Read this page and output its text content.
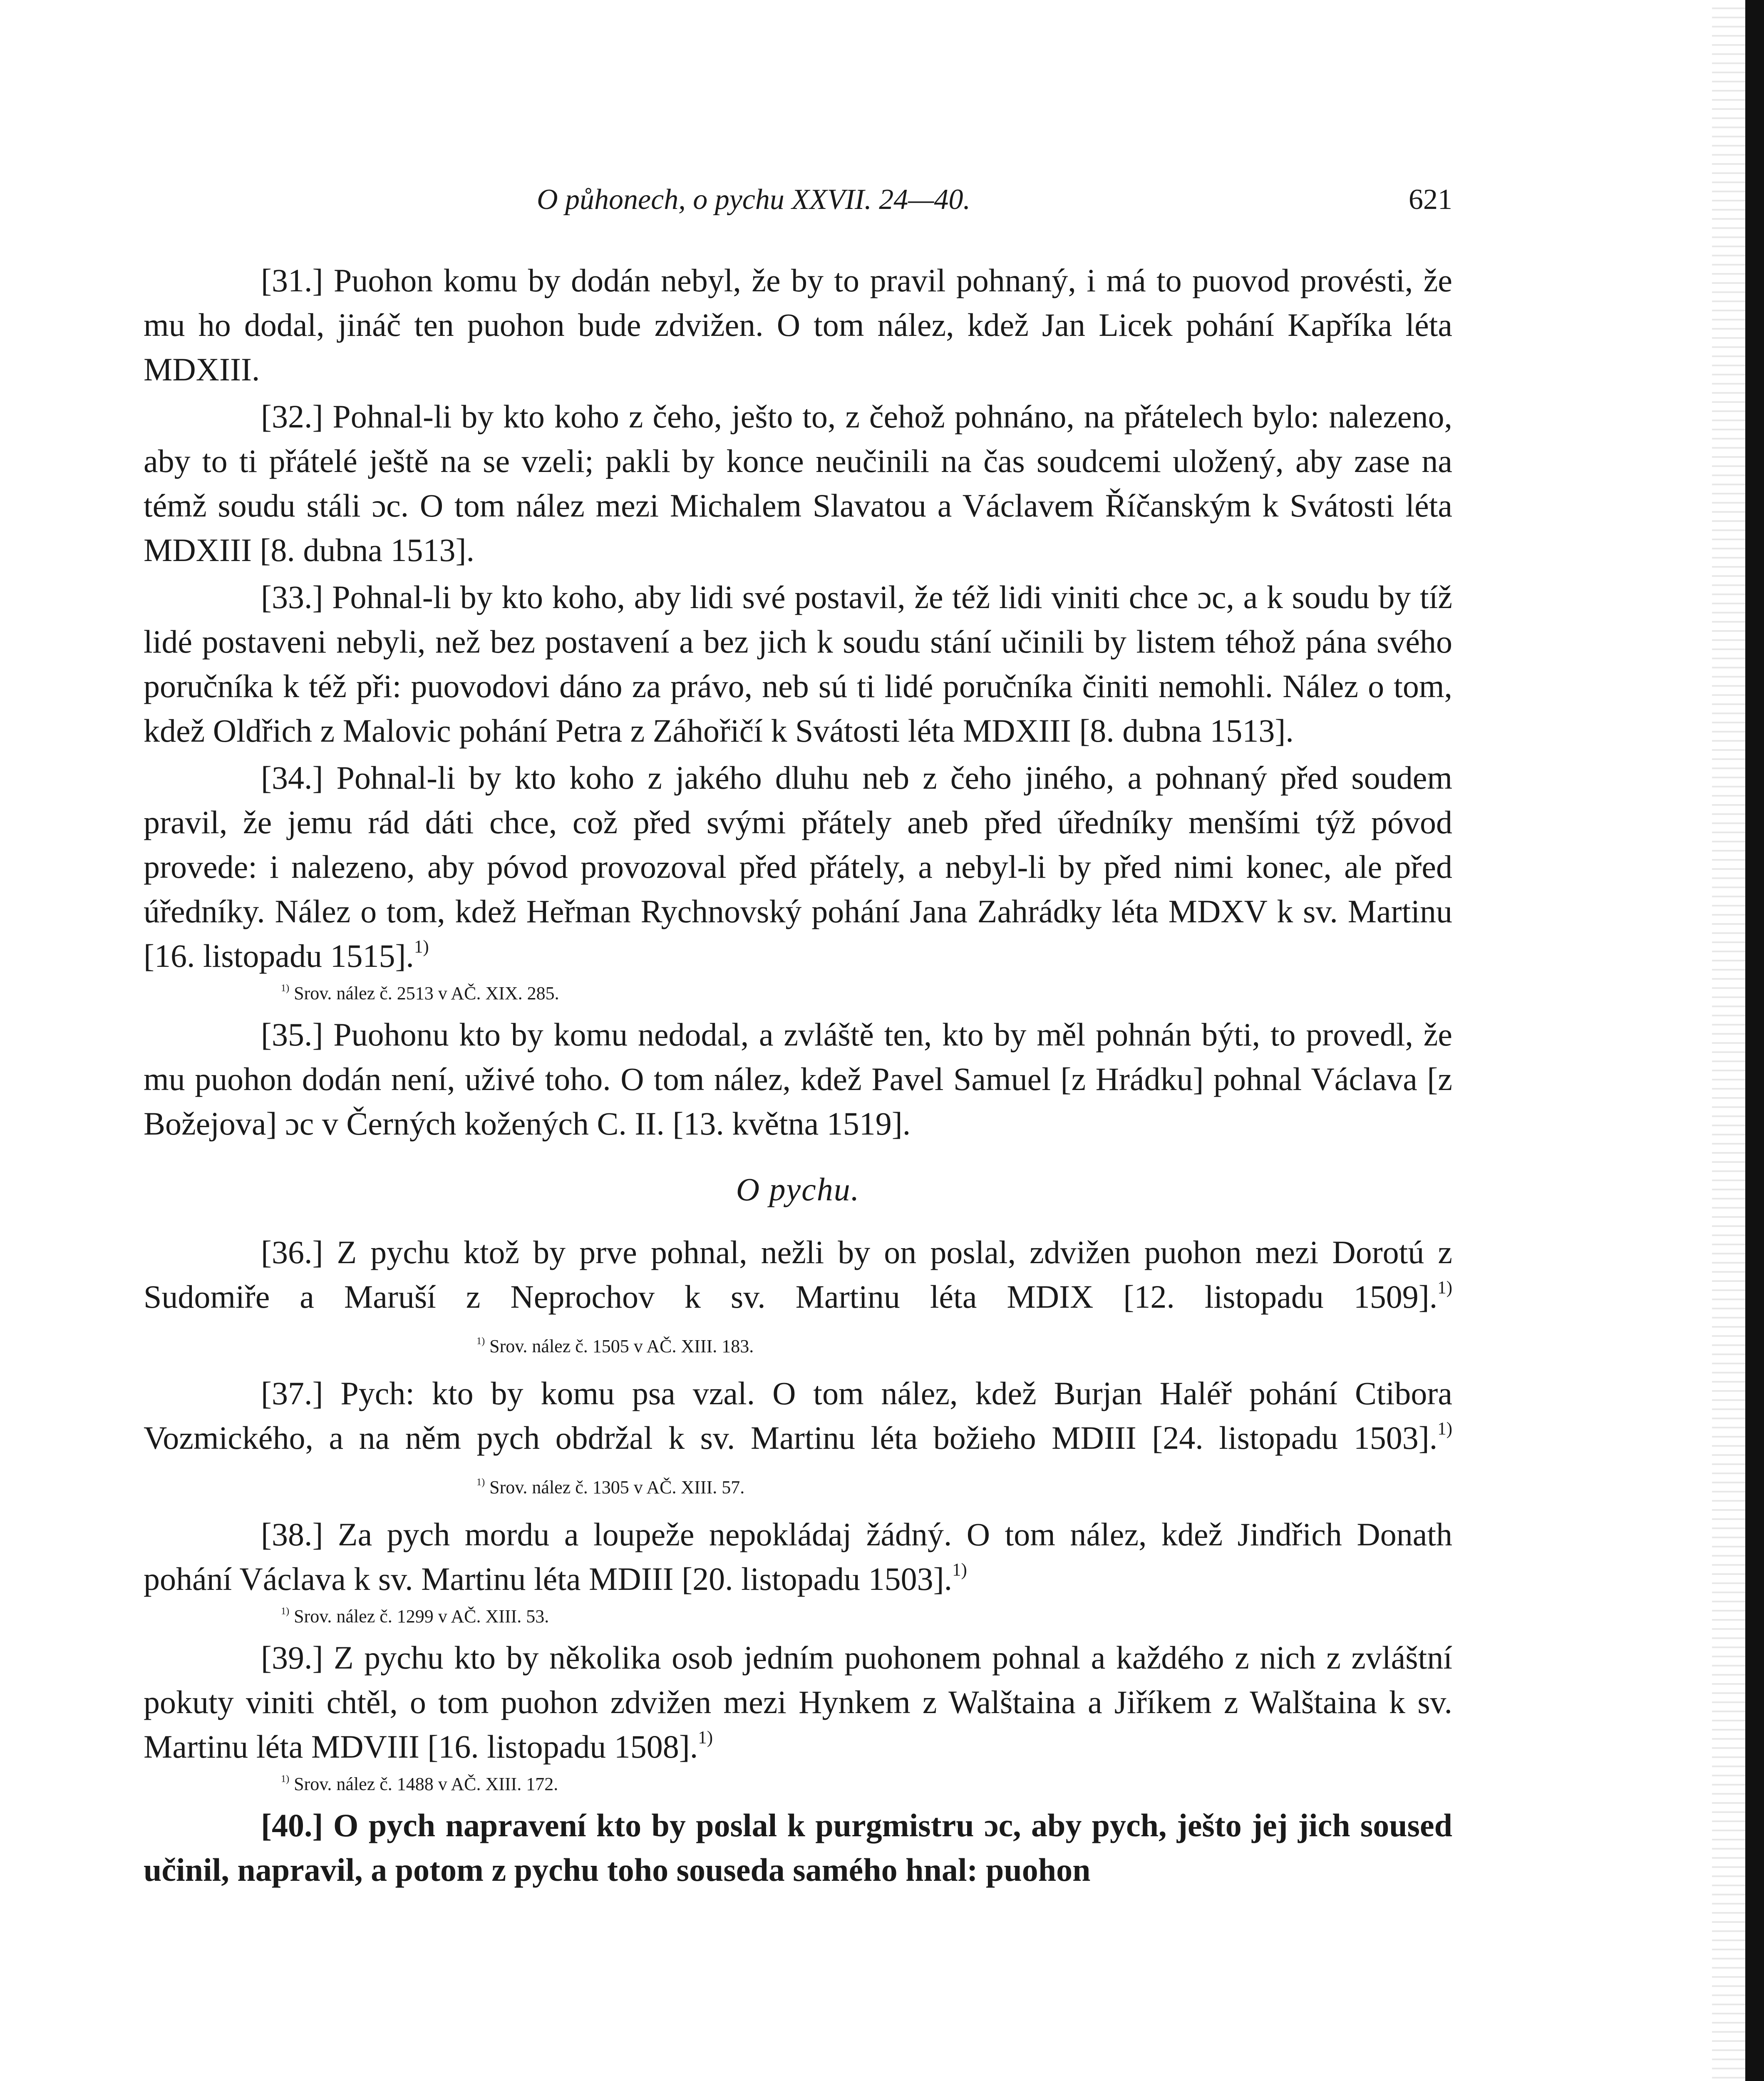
O půhonech, o pychu XXVII. 24—40.	621

[31.] Puohon komu by dodán nebyl, že by to pravil pohnaný, i má to puovod provésti, že mu ho dodal, jináč ten puohon bude zdvižen. O tom nález, kdež Jan Licek pohání Kapříka léta MDXIII.

[32.] Pohnal-li by kto koho z čeho, ješto to, z čehož pohnáno, na přátelech bylo: nalezeno, aby to ti přátelé ještě na se vzeli; pakli by konce neučinili na čas soudcemi uložený, aby zase na témž soudu stáli ɔc. O tom nález mezi Michalem Slavatou a Václavem Říčanským k Svátosti léta MDXIII [8. dubna 1513].

[33.] Pohnal-li by kto koho, aby lidi své postavil, že též lidi viniti chce ɔc, a k soudu by tíž lidé postaveni nebyli, než bez postavení a bez jich k soudu stání učinili by listem téhož pána svého poručníka k též při: puovodovi dáno za právo, neb sú ti lidé poručníka činiti nemohli. Nález o tom, kdež Oldřich z Malovic pohání Petra z Záhořičí k Svátosti léta MDXIII [8. dubna 1513].

[34.] Pohnal-li by kto koho z jakého dluhu neb z čeho jiného, a pohnaný před soudem pravil, že jemu rád dáti chce, což před svými přátely aneb před úředníky menšími týž póvod provede: i nalezeno, aby póvod provozoval před přátely, a nebyl-li by před nimi konec, ale před úředníky. Nález o tom, kdež Heřman Rychnovský pohání Jana Zahrádky léta MDXV k sv. Martinu [16. listopadu 1515].$^{1)}$

$^{1)}$ Srov. nález č. 2513 v AČ. XIX. 285.

[35.] Puohonu kto by komu nedodal, a zvláště ten, kto by měl pohnán býti, to provedl, že mu puohon dodán není, uživé toho. O tom nález, kdež Pavel Samuel [z Hrádku] pohnal Václava [z Božejova] ɔc v Černých kožených C. II. [13. května 1519].

O pychu.

[36.] Z pychu ktož by prve pohnal, nežli by on poslal, zdvižen puohon mezi Dorotú z Sudomiře a Maruší z Neprochov k sv. Martinu léta MDIX [12. listopadu 1509].$^{1)}$ $^{1)}$ Srov. nález č. 1505 v AČ. XIII. 183.

[37.] Pych: kto by komu psa vzal. O tom nález, kdež Burjan Haléř pohání Ctibora Vozmického, a na něm pych obdržal k sv. Martinu léta božieho MDIII [24. listopadu 1503].$^{1)}$ $^{1)}$ Srov. nález č. 1305 v AČ. XIII. 57.

[38.] Za pych mordu a loupeže nepokládaj žádný. O tom nález, kdež Jindřich Donath pohání Václava k sv. Martinu léta MDIII [20. listopadu 1503].$^{1)}$

$^{1)}$ Srov. nález č. 1299 v AČ. XIII. 53.

[39.] Z pychu kto by několika osob jedním puohonem pohnal a každého z nich z zvláštní pokuty viniti chtěl, o tom puohon zdvižen mezi Hynkem z Walštaina a Jiříkem z Walštaina k sv. Martinu léta MDVIII [16. listopadu 1508].$^{1)}$

$^{1)}$ Srov. nález č. 1488 v AČ. XIII. 172.

[40.] O pych napravení kto by poslal k purgmistru ɔc, aby pych, ješto jej jich soused učinil, napravil, a potom z pychu toho souseda samého hnal: puohon
